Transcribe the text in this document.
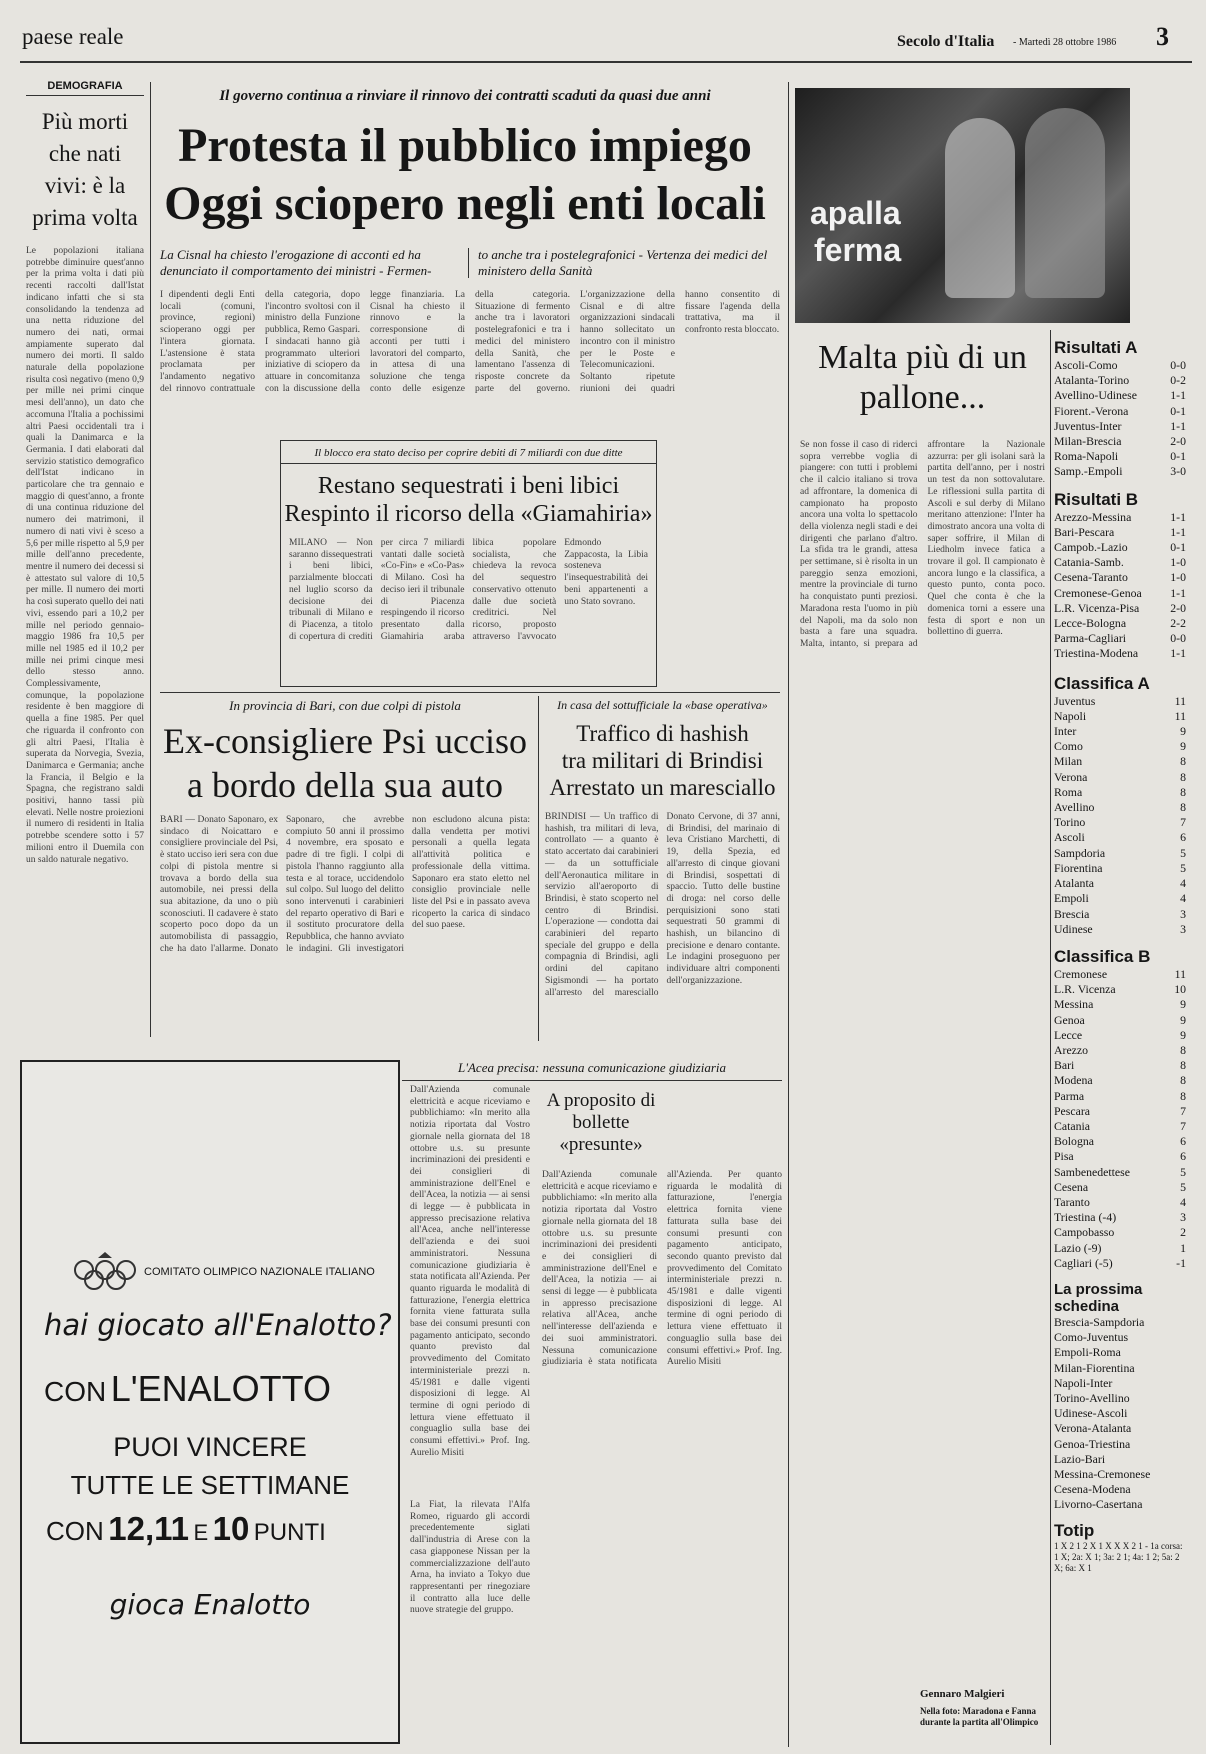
paese reale	Secolo d'Italia - Martedì 28 ottobre 1986 3
DEMOGRAFIA
Più morti che nati vivi: è la prima volta
Le popolazioni italiana potrebbe diminuire quest'anno per la prima volta i dati più recenti raccolti dall'Istat indicano infatti che si sta consolidando la tendenza ad una netta riduzione del numero dei nati, ormai ampiamente superato dal numero dei morti. Il saldo naturale della popolazione risulta così negativo (meno 0,9 per mille nei primi cinque mesi dell'anno), un dato che accomuna l'Italia a pochissimi altri Paesi occidentali tra i quali la Danimarca e la Germania. I dati elaborati dal servizio statistico demografico dell'Istat indicano in particolare che tra gennaio e maggio di quest'anno, a fronte di una continua riduzione del numero dei matrimoni, il numero di nati vivi è sceso a 5,6 per mille rispetto al 5,9 per mille dell'anno precedente, mentre il numero dei decessi si è attestato sul valore di 10,5 per mille. Il numero dei morti ha così superato quello dei nati vivi, essendo pari a 10,2 per mille nel periodo gennaio-maggio 1986 fra 10,5 per mille nel 1985 ed il 10,2 per mille nei primi cinque mesi dello stesso anno. Complessivamente, comunque, la popolazione residente è ben maggiore di quella a fine 1985. Per quel che riguarda il confronto con gli altri Paesi, l'Italia è superata da Norvegia, Svezia, Danimarca e Germania; anche la Francia, il Belgio e la Spagna, che registrano saldi positivi, hanno tassi più elevati. Nelle nostre proiezioni il numero di residenti in Italia potrebbe scendere sotto i 57 milioni entro il Duemila con un saldo naturale negativo.
Il governo continua a rinviare il rinnovo dei contratti scaduti da quasi due anni
Protesta il pubblico impiego
Oggi sciopero negli enti locali
La Cisnal ha chiesto l'erogazione di acconti ed ha denunciato il comportamento dei ministri - Fermen-
to anche tra i postelegrafonici - Vertenza dei medici del ministero della Sanità
I dipendenti degli Enti locali (comuni, province, regioni) scioperano oggi per l'intera giornata. L'astensione è stata proclamata per l'andamento negativo del rinnovo contrattuale della categoria, dopo l'incontro svoltosi con il ministro della Funzione pubblica, Remo Gaspari. I sindacati hanno già programmato ulteriori iniziative di sciopero da attuare in concomitanza con la discussione della legge finanziaria. La Cisnal ha chiesto il rinnovo e la corresponsione di acconti per tutti i lavoratori del comparto, in attesa di una soluzione che tenga conto delle esigenze della categoria. Situazione di fermento anche tra i lavoratori postelegrafonici e tra i medici del ministero della Sanità, che lamentano l'assenza di risposte concrete da parte del governo. L'organizzazione della Cisnal e di altre organizzazioni sindacali hanno sollecitato un incontro con il ministro per le Poste e Telecomunicazioni. Soltanto ripetute riunioni dei quadri hanno consentito di fissare l'agenda della trattativa, ma il confronto resta bloccato.
Il blocco era stato deciso per coprire debiti di 7 miliardi con due ditte
Restano sequestrati i beni libici
Respinto il ricorso della «Giamahiria»
MILANO — Non saranno dissequestrati i beni libici, parzialmente bloccati nel luglio scorso da decisione dei tribunali di Milano e di Piacenza, a titolo di copertura di crediti per circa 7 miliardi vantati dalle società «Co-Fin» e «Co-Pas» di Milano. Così ha deciso ieri il tribunale di Piacenza respingendo il ricorso presentato dalla Giamahiria araba libica popolare socialista, che chiedeva la revoca del sequestro conservativo ottenuto dalle due società creditrici. Nel ricorso, proposto attraverso l'avvocato Edmondo Zappacosta, la Libia sosteneva l'insequestrabilità dei beni appartenenti a uno Stato sovrano.
In provincia di Bari, con due colpi di pistola
Ex-consigliere Psi ucciso
a bordo della sua auto
BARI — Donato Saponaro, ex sindaco di Noicattaro e consigliere provinciale del Psi, è stato ucciso ieri sera con due colpi di pistola mentre si trovava a bordo della sua automobile, nei pressi della sua abitazione, da uno o più sconosciuti. Il cadavere è stato scoperto poco dopo da un automobilista di passaggio, che ha dato l'allarme. Donato Saponaro, che avrebbe compiuto 50 anni il prossimo 4 novembre, era sposato e padre di tre figli. I colpi di pistola l'hanno raggiunto alla testa e al torace, uccidendolo sul colpo. Sul luogo del delitto sono intervenuti i carabinieri del reparto operativo di Bari e il sostituto procuratore della Repubblica, che hanno avviato le indagini. Gli investigatori non escludono alcuna pista: dalla vendetta per motivi personali a quella legata all'attività politica e professionale della vittima. Saponaro era stato eletto nel consiglio provinciale nelle liste del Psi e in passato aveva ricoperto la carica di sindaco del suo paese.
In casa del sottufficiale la «base operativa»
Traffico di hashish
tra militari di Brindisi
Arrestato un maresciallo
BRINDISI — Un traffico di hashish, tra militari di leva, controllato — a quanto è stato accertato dai carabinieri — da un sottufficiale dell'Aeronautica militare in servizio all'aeroporto di Brindisi, è stato scoperto nel centro di Brindisi. L'operazione — condotta dai carabinieri del reparto speciale del gruppo e della compagnia di Brindisi, agli ordini del capitano Sigismondi — ha portato all'arresto del maresciallo Donato Cervone, di 37 anni, di Brindisi, del marinaio di leva Cristiano Marchetti, di 19, della Spezia, ed all'arresto di cinque giovani di Brindisi, sospettati di spaccio. Tutto delle bustine di droga: nel corso delle perquisizioni sono stati sequestrati 50 grammi di hashish, un bilancino di precisione e denaro contante. Le indagini proseguono per individuare altri componenti dell'organizzazione.
COMITATO OLIMPICO NAZIONALE ITALIANO
hai giocato all'Enalotto?
CON L'ENALOTTO
PUOI VINCERE
TUTTE LE SETTIMANE
CON 12,11 E 10 PUNTI
gioca Enalotto
L'Acea precisa: nessuna comunicazione giudiziaria
Dall'Azienda comunale elettricità e acque riceviamo e pubblichiamo: «In merito alla notizia riportata dal Vostro giornale nella giornata del 18 ottobre u.s. su presunte incriminazioni dei presidenti e dei consiglieri di amministrazione dell'Enel e dell'Acea, la notizia — ai sensi di legge — è pubblicata in appresso precisazione relativa all'Acea, anche nell'interesse dell'azienda e dei suoi amministratori. Nessuna comunicazione giudiziaria è stata notificata all'Azienda. Per quanto riguarda le modalità di fatturazione, l'energia elettrica fornita viene fatturata sulla base dei consumi presunti con pagamento anticipato, secondo quanto previsto dal provvedimento del Comitato interministeriale prezzi n. 45/1981 e dalle vigenti disposizioni di legge. Al termine di ogni periodo di lettura viene effettuato il conguaglio sulla base dei consumi effettivi.» Prof. Ing. Aurelio Misiti
A proposito di bollette «presunte»
Dall'Azienda comunale elettricità e acque riceviamo e pubblichiamo: «In merito alla notizia riportata dal Vostro giornale nella giornata del 18 ottobre u.s. su presunte incriminazioni dei presidenti e dei consiglieri di amministrazione dell'Enel e dell'Acea, la notizia — ai sensi di legge — è pubblicata in appresso precisazione relativa all'Acea, anche nell'interesse dell'azienda e dei suoi amministratori. Nessuna comunicazione giudiziaria è stata notificata all'Azienda. Per quanto riguarda le modalità di fatturazione, l'energia elettrica fornita viene fatturata sulla base dei consumi presunti con pagamento anticipato, secondo quanto previsto dal provvedimento del Comitato interministeriale prezzi n. 45/1981 e dalle vigenti disposizioni di legge. Al termine di ogni periodo di lettura viene effettuato il conguaglio sulla base dei consumi effettivi.» Prof. Ing. Aurelio Misiti
La Fiat, la rilevata l'Alfa Romeo, riguardo gli accordi precedentemente siglati dall'industria di Arese con la casa giapponese Nissan per la commercializzazione dell'auto Arna, ha inviato a Tokyo due rappresentanti per rinegoziare il contratto alla luce delle nuove strategie del gruppo.
apalla
ferma
Malta più di un pallone...
Se non fosse il caso di riderci sopra verrebbe voglia di piangere: con tutti i problemi che il calcio italiano si trova ad affrontare, la domenica di campionato ha proposto ancora una volta lo spettacolo della violenza negli stadi e dei dirigenti che parlano d'altro. La sfida tra le grandi, attesa per settimane, si è risolta in un pareggio senza emozioni, mentre la provinciale di turno ha conquistato punti preziosi. Maradona resta l'uomo in più del Napoli, ma da solo non basta a fare una squadra. Malta, intanto, si prepara ad affrontare la Nazionale azzurra: per gli isolani sarà la partita dell'anno, per i nostri un test da non sottovalutare. Le riflessioni sulla partita di Ascoli e sul derby di Milano meritano attenzione: l'Inter ha dimostrato ancora una volta di saper soffrire, il Milan di Liedholm invece fatica a trovare il gol. Il campionato è ancora lungo e la classifica, a questo punto, conta poco. Quel che conta è che la domenica torni a essere una festa di sport e non un bollettino di guerra.
Gennaro Malgieri
Nella foto: Maradona e Fanna durante la partita all'Olimpico
Risultati A
Ascoli-Como	0-0
Atalanta-Torino	0-2
Avellino-Udinese	1-1
Fiorent.-Verona	0-1
Juventus-Inter	1-1
Milan-Brescia	2-0
Roma-Napoli	0-1
Samp.-Empoli	3-0
Risultati B
Arezzo-Messina	1-1
Bari-Pescara	1-1
Campob.-Lazio	0-1
Catania-Samb.	1-0
Cesena-Taranto	1-0
Cremonese-Genoa	1-1
L.R. Vicenza-Pisa	2-0
Lecce-Bologna	2-2
Parma-Cagliari	0-0
Triestina-Modena	1-1
Classifica A
Juventus	11
Napoli	11
Inter	9
Como	9
Milan	8
Verona	8
Roma	8
Avellino	8
Torino	7
Ascoli	6
Sampdoria	5
Fiorentina	5
Atalanta	4
Empoli	4
Brescia	3
Udinese	3
Classifica B
Cremonese	11
L.R. Vicenza	10
Messina	9
Genoa	9
Lecce	9
Arezzo	8
Bari	8
Modena	8
Parma	8
Pescara	7
Catania	7
Bologna	6
Pisa	6
Sambenedettese	5
Cesena	5
Taranto	4
Triestina (-4)	3
Campobasso	2
Lazio (-9)	1
Cagliari (-5)	-1
La prossima schedina
Brescia-Sampdoria
Como-Juventus
Empoli-Roma
Milan-Fiorentina
Napoli-Inter
Torino-Avellino
Udinese-Ascoli
Verona-Atalanta
Genoa-Triestina
Lazio-Bari
Messina-Cremonese
Cesena-Modena
Livorno-Casertana
Totip
1 X 2 1 2 X 1 X X X 2 1 - 1a corsa: 1 X; 2a: X 1; 3a: 2 1; 4a: 1 2; 5a: 2 X; 6a: X 1
